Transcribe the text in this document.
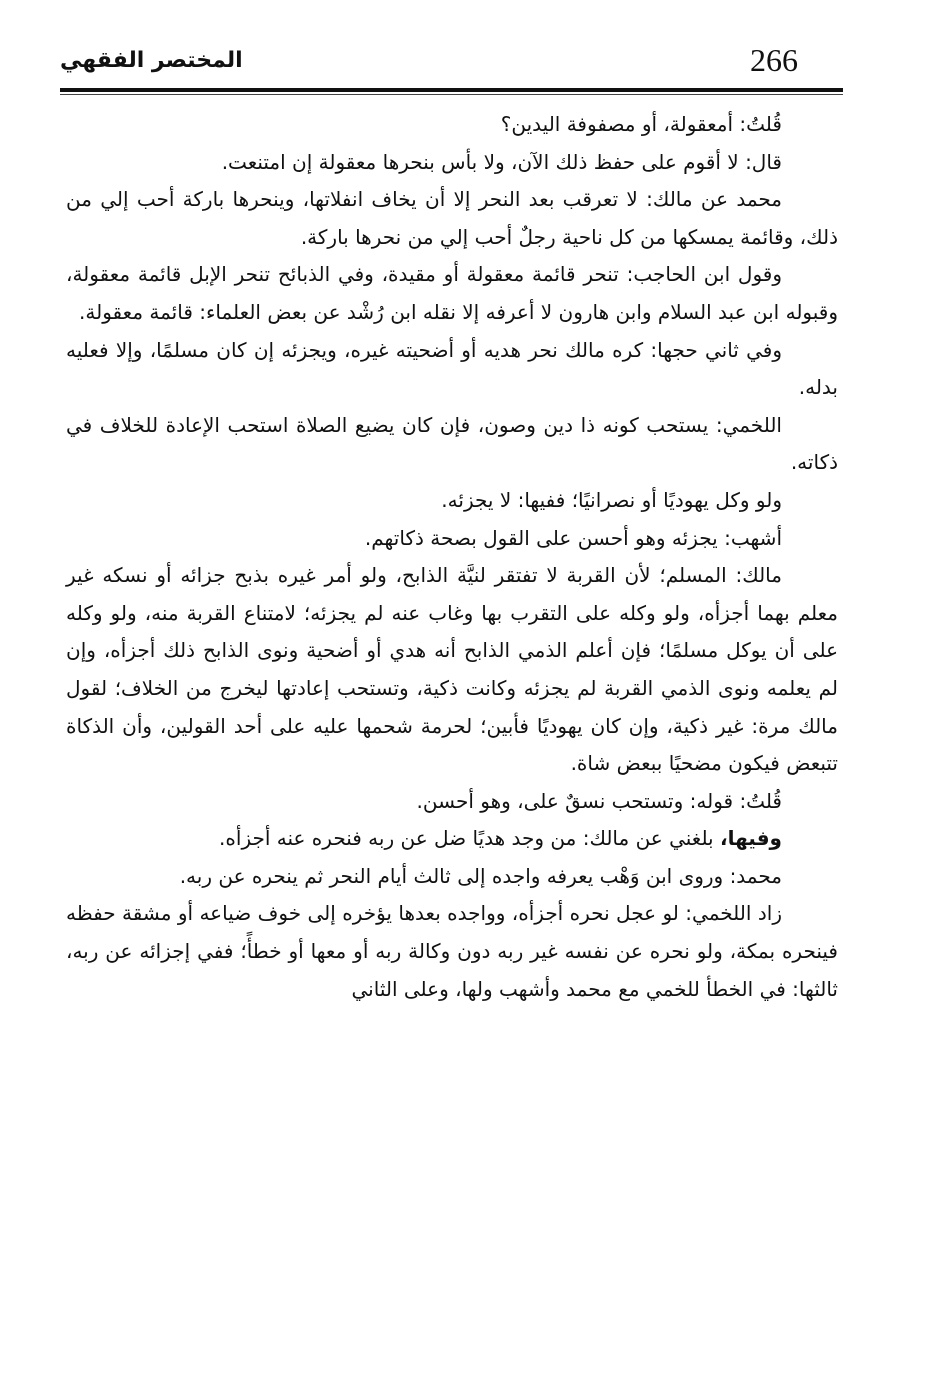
المختصر الفقهي	266

قُلتُ: أمعقولة، أو مصفوفة اليدين؟

قال: لا أقوم على حفظ ذلك الآن، ولا بأس بنحرها معقولة إن امتنعت.

محمد عن مالك: لا تعرقب بعد النحر إلا أن يخاف انفلاتها، وينحرها باركة أحب إلي من ذلك، وقائمة يمسكها من كل ناحية رجلٌ أحب إلي من نحرها باركة.

وقول ابن الحاجب: تنحر قائمة معقولة أو مقيدة، وفي الذبائح تنحر الإبل قائمة معقولة، وقبوله ابن عبد السلام وابن هارون لا أعرفه إلا نقله ابن رُشْد عن بعض العلماء: قائمة معقولة.

وفي ثاني حجها: كره مالك نحر هديه أو أضحيته غيره، ويجزئه إن كان مسلمًا، وإلا فعليه بدله.

اللخمي: يستحب كونه ذا دين وصون، فإن كان يضيع الصلاة استحب الإعادة للخلاف في ذكاته.

ولو وكل يهوديًا أو نصرانيًا؛ ففيها: لا يجزئه.

أشهب: يجزئه وهو أحسن على القول بصحة ذكاتهم.

مالك: المسلم؛ لأن القربة لا تفتقر لنيَّة الذابح، ولو أمر غيره بذبح جزائه أو نسكه غير معلم بهما أجزأه، ولو وكله على التقرب بها وغاب عنه لم يجزئه؛ لامتناع القربة منه، ولو وكله على أن يوكل مسلمًا؛ فإن أعلم الذمي الذابح أنه هدي أو أضحية ونوى الذابح ذلك أجزأه، وإن لم يعلمه ونوى الذمي القربة لم يجزئه وكانت ذكية، وتستحب إعادتها ليخرج من الخلاف؛ لقول مالك مرة: غير ذكية، وإن كان يهوديًا فأبين؛ لحرمة شحمها عليه على أحد القولين، وأن الذكاة تتبعض فيكون مضحيًا ببعض شاة.

قُلتُ: قوله: وتستحب نسقٌ على، وهو أحسن.

وفيها، بلغني عن مالك: من وجد هديًا ضل عن ربه فنحره عنه أجزأه.

محمد: وروى ابن وَهْب يعرفه واجده إلى ثالث أيام النحر ثم ينحره عن ربه.

زاد اللخمي: لو عجل نحره أجزأه، وواجده بعدها يؤخره إلى خوف ضياعه أو مشقة حفظه فينحره بمكة، ولو نحره عن نفسه غير ربه دون وكالة ربه أو معها أو خطأً؛ ففي إجزائه عن ربه، ثالثها: في الخطأ للخمي مع محمد وأشهب ولها، وعلى الثاني
